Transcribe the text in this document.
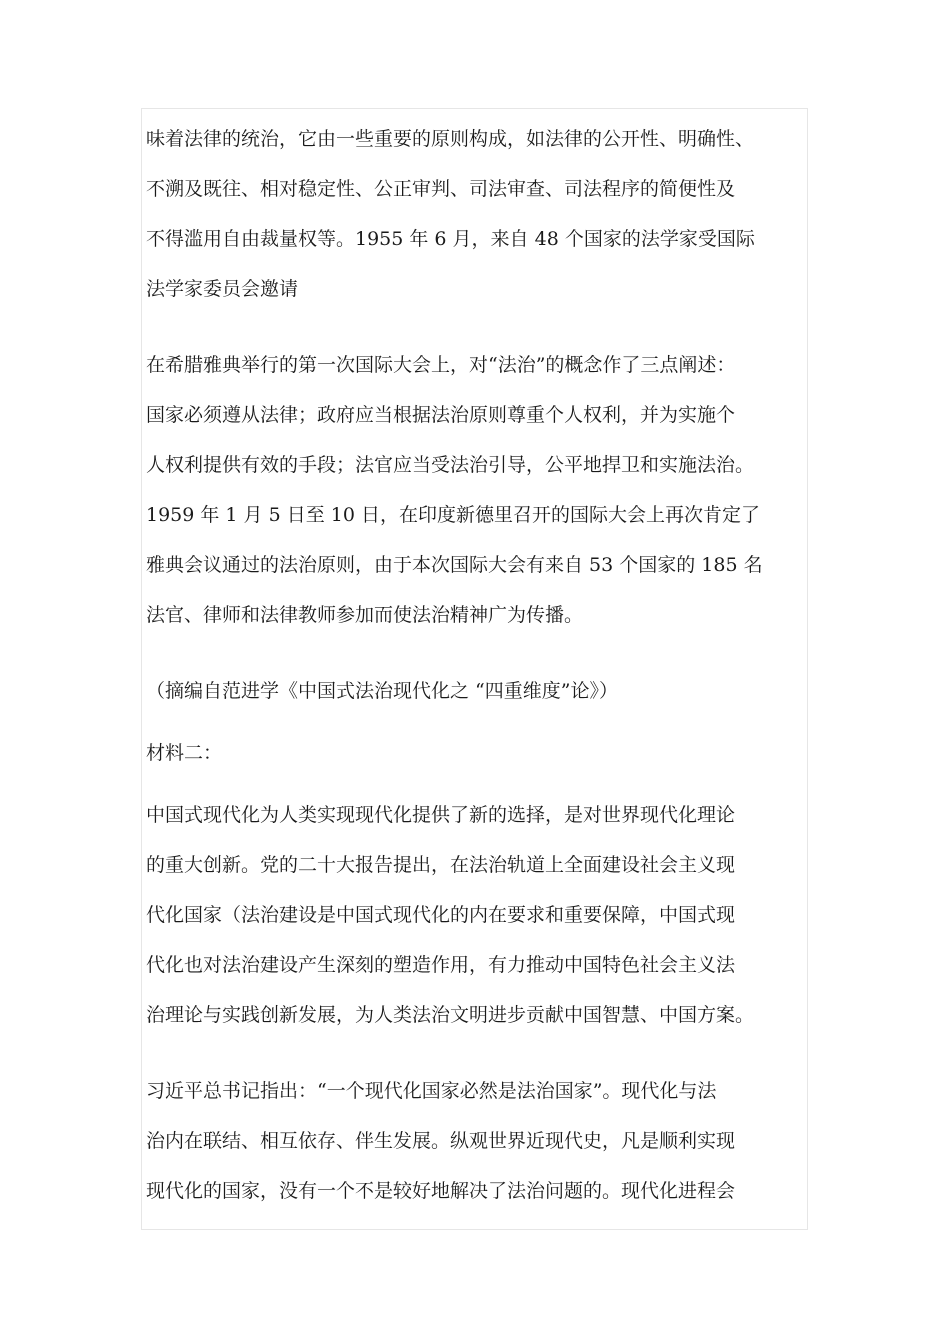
味着法律的统治，它由一些重要的原则构成，如法律的公开性、明确性、
不溯及既往、相对稳定性、公正审判、司法审查、司法程序的简便性及
不得滥用自由裁量权等。1955 年 6 月，来自 48 个国家的法学家受国际
法学家委员会邀请
在希腊雅典举行的第一次国际大会上，对“法治”的概念作了三点阐述：
国家必须遵从法律；政府应当根据法治原则尊重个人权利，并为实施个
人权利提供有效的手段；法官应当受法治引导，公平地捍卫和实施法治。
1959 年 1 月 5 日至 10 日，在印度新德里召开的国际大会上再次肯定了
雅典会议通过的法治原则，由于本次国际大会有来自 53 个国家的 185 名
法官、律师和法律教师参加而使法治精神广为传播。
（摘编自范进学《中国式法治现代化之 “四重维度”论》）
材料二：
中国式现代化为人类实现现代化提供了新的选择，是对世界现代化理论
的重大创新。党的二十大报告提出，在法治轨道上全面建设社会主义现
代化国家（法治建设是中国式现代化的内在要求和重要保障，中国式现
代化也对法治建设产生深刻的塑造作用，有力推动中国特色社会主义法
治理论与实践创新发展，为人类法治文明进步贡献中国智慧、中国方案。
习近平总书记指出：“一个现代化国家必然是法治国家”。现代化与法
治内在联结、相互依存、伴生发展。纵观世界近现代史，凡是顺利实现
现代化的国家，没有一个不是较好地解决了法治问题的。现代化进程会
